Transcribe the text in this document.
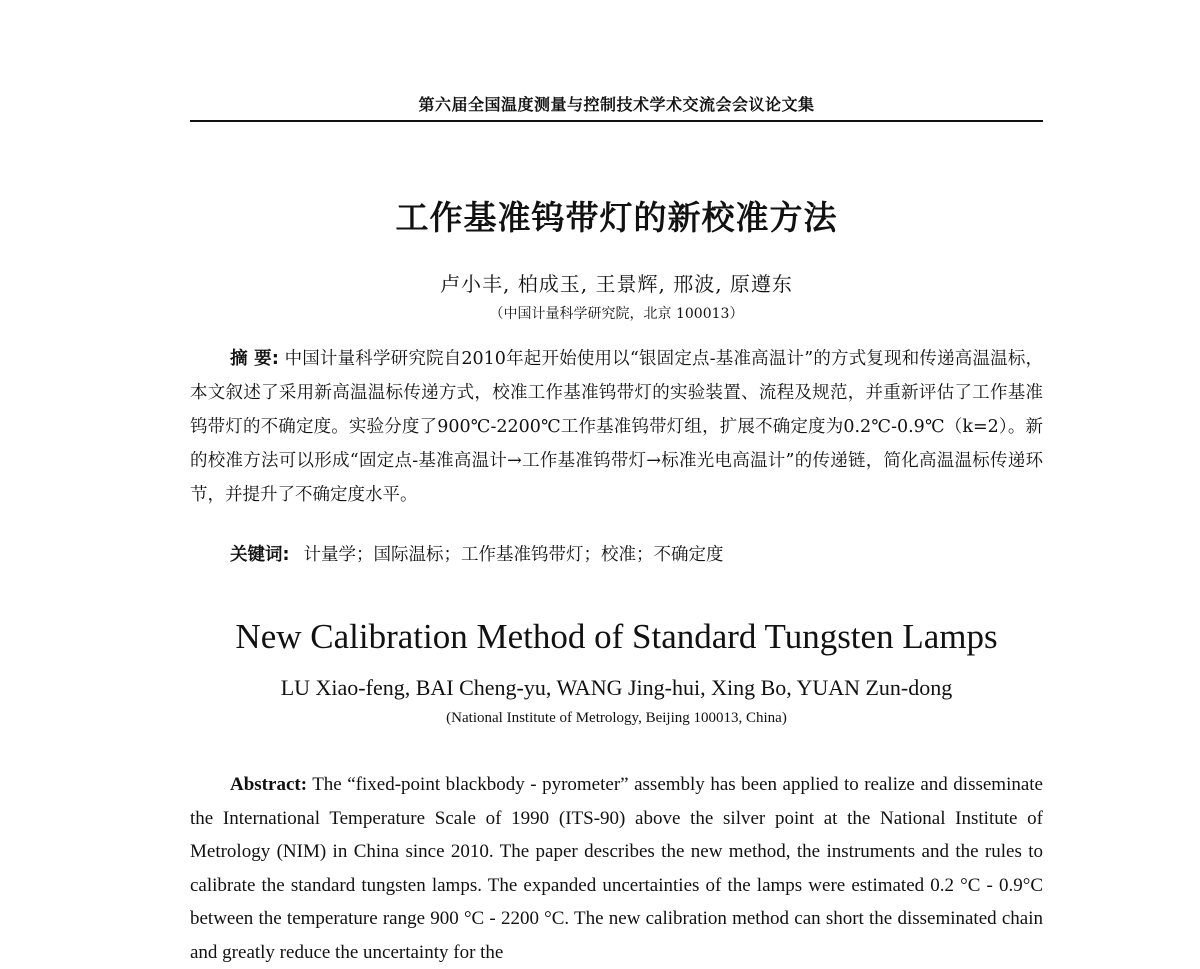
第六届全国温度测量与控制技术学术交流会会议论文集
工作基准钨带灯的新校准方法
卢小丰, 柏成玉, 王景辉, 邢波, 原遵东
（中国计量科学研究院，北京 100013）

摘 要: 中国计量科学研究院自2010年起开始使用以“银固定点-基准高温计”的方式复现和传递高温温标，本文叙述了采用新高温温标传递方式，校准工作基准钨带灯的实验装置、流程及规范，并重新评估了工作基准钨带灯的不确定度。实验分度了900℃-2200℃工作基准钨带灯组，扩展不确定度为0.2℃-0.9℃（k=2）。新的校准方法可以形成“固定点-基准高温计→工作基准钨带灯→标准光电高温计”的传递链，简化高温温标传递环节，并提升了不确定度水平。

关键词: 计量学；国际温标；工作基准钨带灯；校准；不确定度
New Calibration Method of Standard Tungsten Lamps
LU Xiao-feng, BAI Cheng-yu, WANG Jing-hui, Xing Bo, YUAN Zun-dong
(National Institute of Metrology, Beijing 100013, China)

Abstract: The “fixed-point blackbody - pyrometer” assembly has been applied to realize and disseminate the International Temperature Scale of 1990 (ITS-90) above the silver point at the National Institute of Metrology (NIM) in China since 2010. The paper describes the new method, the instruments and the rules to calibrate the standard tungsten lamps. The expanded uncertainties of the lamps were estimated 0.2 °C - 0.9°C between the temperature range 900 °C - 2200 °C. The new calibration method can short the disseminated chain and greatly reduce the uncertainty for the
